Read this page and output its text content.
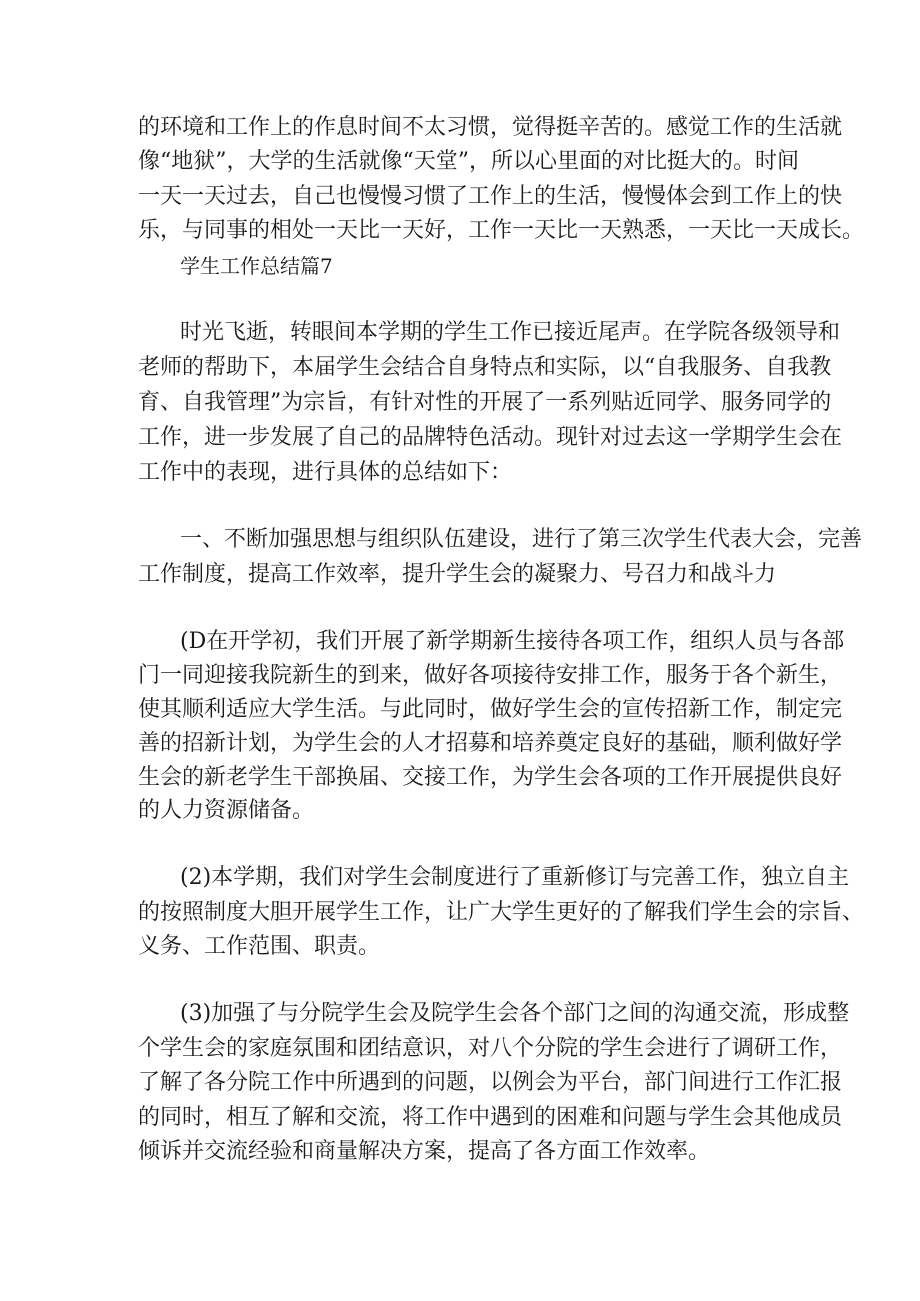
的环境和工作上的作息时间不太习惯，觉得挺辛苦的。感觉工作的生活就
像“地狱”，大学的生活就像“天堂”，所以心里面的对比挺大的。时间
一天一天过去，自己也慢慢习惯了工作上的生活，慢慢体会到工作上的快
乐，与同事的相处一天比一天好，工作一天比一天熟悉，一天比一天成长。
学生工作总结篇7
时光飞逝，转眼间本学期的学生工作已接近尾声。在学院各级领导和
老师的帮助下，本届学生会结合自身特点和实际，以“自我服务、自我教
育、自我管理”为宗旨，有针对性的开展了一系列贴近同学、服务同学的
工作，进一步发展了自己的品牌特色活动。现针对过去这一学期学生会在
工作中的表现，进行具体的总结如下：
一、不断加强思想与组织队伍建设，进行了第三次学生代表大会，完善
工作制度，提高工作效率，提升学生会的凝聚力、号召力和战斗力
(D在开学初，我们开展了新学期新生接待各项工作，组织人员与各部
门一同迎接我院新生的到来，做好各项接待安排工作，服务于各个新生，
使其顺利适应大学生活。与此同时，做好学生会的宣传招新工作，制定完
善的招新计划，为学生会的人才招募和培养奠定良好的基础，顺利做好学
生会的新老学生干部换届、交接工作，为学生会各项的工作开展提供良好
的人力资源储备。
(2)本学期，我们对学生会制度进行了重新修订与完善工作，独立自主
的按照制度大胆开展学生工作，让广大学生更好的了解我们学生会的宗旨、
义务、工作范围、职责。
(3)加强了与分院学生会及院学生会各个部门之间的沟通交流，形成整
个学生会的家庭氛围和团结意识，对八个分院的学生会进行了调研工作，
了解了各分院工作中所遇到的问题，以例会为平台，部门间进行工作汇报
的同时，相互了解和交流，将工作中遇到的困难和问题与学生会其他成员
倾诉并交流经验和商量解决方案，提高了各方面工作效率。
